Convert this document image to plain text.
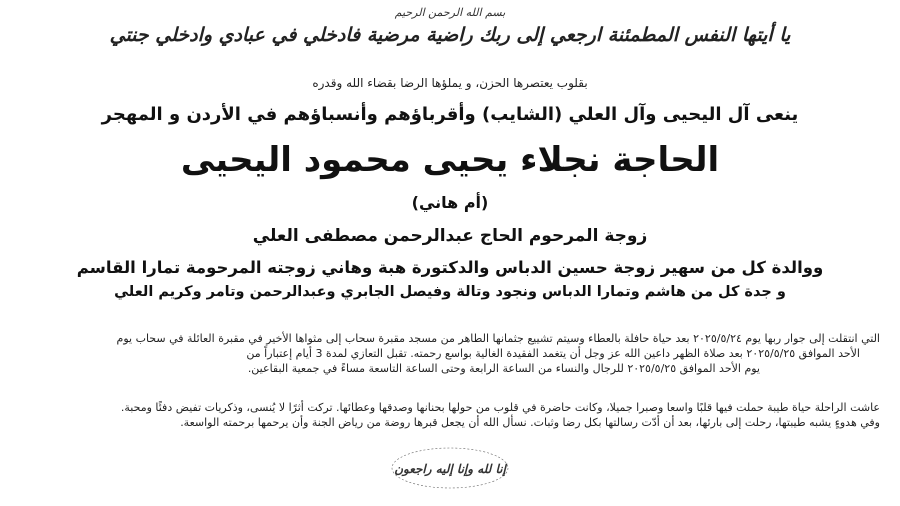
بسم الله الرحمن الرحيم
يا أيتها النفس المطمئنة ارجعي إلى ربك راضية مرضية فادخلي في عبادي وادخلي جنتي
بقلوب يعتصرها الحزن، و يملؤها الرضا بقضاء الله وقدره
ينعى آل اليحيى وآل العلي (الشايب) وأقرباؤهم وأنسباؤهم في الأردن و المهجر
الحاجة نجلاء يحيى محمود اليحيى
(أم هاني)
زوجة المرحوم الحاج عبدالرحمن مصطفى العلي
ووالدة كل من سهير زوجة حسين الدباس والدكتورة هبة وهاني زوجته المرحومة تمارا القاسم
و جدة كل من هاشم وتمارا الدباس ونجود وتالة وفيصل الجابري وعبدالرحمن وتامر وكريم العلي
التي انتقلت إلى جوار ربها يوم ٢٠٢٥/٥/٢٤ بعد حياة حافلة بالعطاء وسيتم تشييع جثمانها الطاهر من مسجد مقبرة سحاب إلى مثواها الأخير في مقبرة العائلة في سحاب يوم
الأحد الموافق ٢٠٢٥/٥/٢٥ بعد صلاة الظهر داعين الله عز وجل أن يتغمد الفقيدة الغالية بواسع رحمته. تقبل التعازي لمدة 3 أيام إعتباراً من
يوم الأحد الموافق ٢٠٢٥/٥/٢٥ للرجال والنساء من الساعة الرابعة وحتى الساعة التاسعة مساءً في جمعية البقاعين.
عاشت الراحلة حياة طيبة حملت فيها قلبًا واسعا وصبرا جميلا، وكانت حاضرة في قلوب من حولها بحنانها وصدقها وعطائها. تركت أثرًا لا يُنسى، وذكريات تفيض دفئًا ومحبة.
وفي هدوءٍ يشبه طيبتها، رحلت إلى بارئها، بعد أن أدّت رسالتها بكل رضا وثبات. نسأل الله أن يجعل قبرها روضة من رياض الجنة وأن يرحمها برحمته الواسعة.
إنا لله وإنا إليه راجعون
